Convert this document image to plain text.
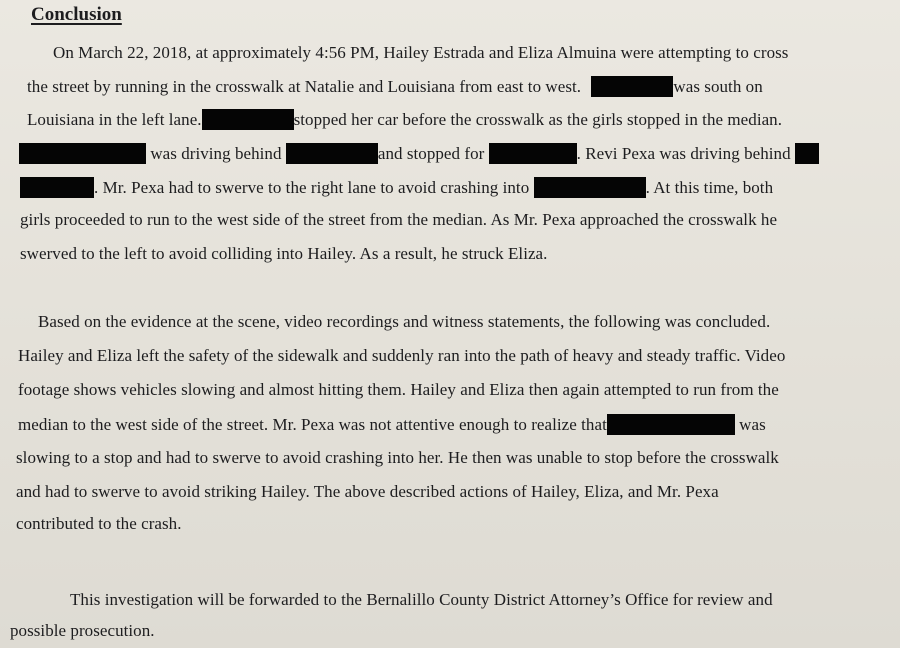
Conclusion
On March 22, 2018, at approximately 4:56 PM, Hailey Estrada and Eliza Almuina were attempting to cross
the street by running in the crosswalk at Natalie and Louisiana from east to west.	was south on
Louisiana in the left lane.	stopped her car before the crosswalk as the girls stopped in the median.
was driving behind	and stopped for	. Revi Pexa was driving behind
. Mr. Pexa had to swerve to the right lane to avoid crashing into	. At this time, both
girls proceeded to run to the west side of the street from the median. As Mr. Pexa approached the crosswalk he
swerved to the left to avoid colliding into Hailey. As a result, he struck Eliza.
Based on the evidence at the scene, video recordings and witness statements, the following was concluded.
Hailey and Eliza left the safety of the sidewalk and suddenly ran into the path of heavy and steady traffic. Video
footage shows vehicles slowing and almost hitting them. Hailey and Eliza then again attempted to run from the
median to the west side of the street. Mr. Pexa was not attentive enough to realize that	was
slowing to a stop and had to swerve to avoid crashing into her. He then was unable to stop before the crosswalk
and had to swerve to avoid striking Hailey. The above described actions of Hailey, Eliza, and Mr. Pexa
contributed to the crash.
This investigation will be forwarded to the Bernalillo County District Attorney’s Office for review and
possible prosecution.
